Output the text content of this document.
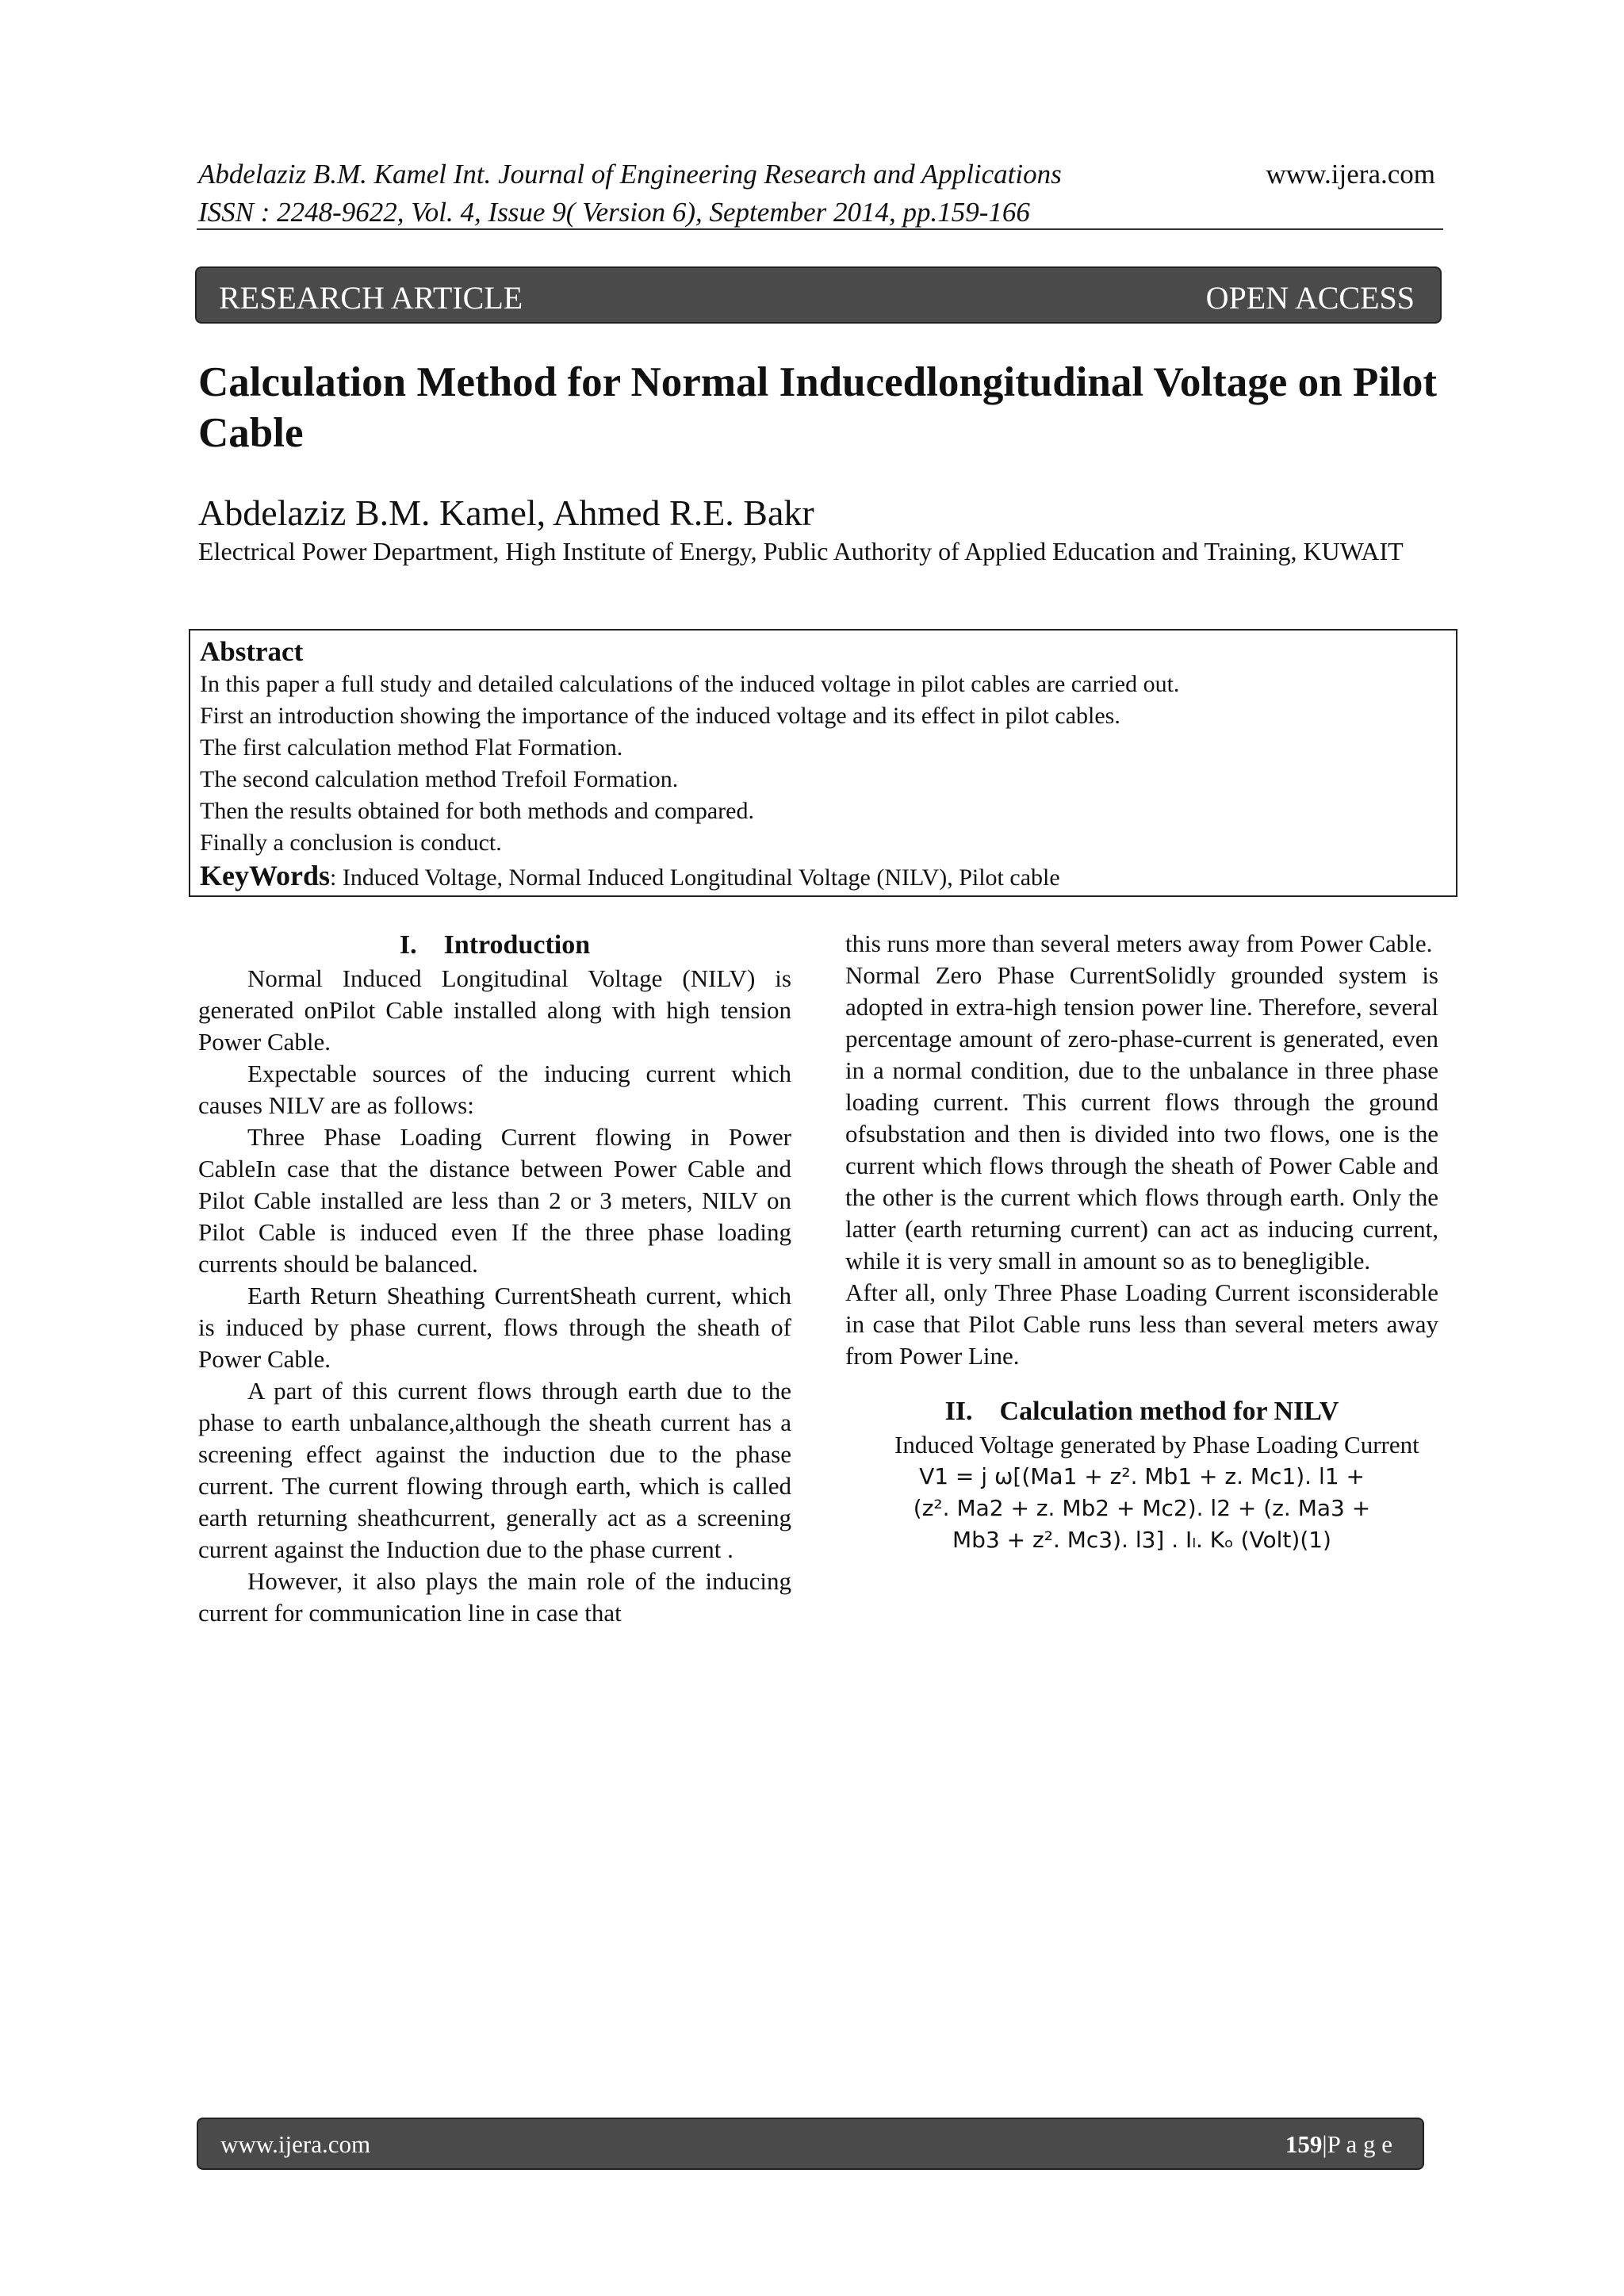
Abdelaziz B.M. Kamel Int. Journal of Engineering Research and Applications
ISSN : 2248-9622, Vol. 4, Issue 9( Version 6), September 2014, pp.159-166
www.ijera.com
RESEARCH ARTICLE	OPEN ACCESS
Calculation Method for Normal Inducedlongitudinal Voltage on Pilot Cable
Abdelaziz B.M. Kamel, Ahmed R.E. Bakr
Electrical Power Department, High Institute of Energy, Public Authority of Applied Education and Training, KUWAIT
Abstract
In this paper a full study and detailed calculations of the induced voltage in pilot cables are carried out.
First an introduction showing the importance of the induced voltage and its effect in pilot cables.
The first calculation method Flat Formation.
The second calculation method Trefoil Formation.
Then the results obtained for both methods and compared.
Finally a conclusion is conduct.
KeyWords: Induced Voltage, Normal Induced Longitudinal Voltage (NILV), Pilot cable

I. Introduction

Normal Induced Longitudinal Voltage (NILV) is generated onPilot Cable installed along with high tension Power Cable.

Expectable sources of the inducing current which causes NILV are as follows:

Three Phase Loading Current flowing in Power CableIn case that the distance between Power Cable and Pilot Cable installed are less than 2 or 3 meters, NILV on Pilot Cable is induced even If the three phase loading currents should be balanced.

Earth Return Sheathing CurrentSheath current, which is induced by phase current, flows through the sheath of Power Cable.

A part of this current flows through earth due to the phase to earth unbalance,although the sheath current has a screening effect against the induction due to the phase current. The current flowing through earth, which is called earth returning sheathcurrent, generally act as a screening current against the Induction due to the phase current .

However, it also plays the main role of the inducing current for communication line in case that

this runs more than several meters away from Power Cable.

Normal Zero Phase CurrentSolidly grounded system is adopted in extra-high tension power line. Therefore, several percentage amount of zero-phase-current is generated, even in a normal condition, due to the unbalance in three phase loading current. This current flows through the ground ofsubstation and then is divided into two flows, one is the current which flows through the sheath of Power Cable and the other is the current which flows through earth. Only the latter (earth returning current) can act as inducing current, while it is very small in amount so as to benegligible.

After all, only Three Phase Loading Current isconsiderable in case that Pilot Cable runs less than several meters away from Power Line.

II. Calculation method for NILV

Induced Voltage generated by Phase Loading Current

V1 = j ω[(Ma1 + z². Mb1 + z. Mc1). l1 +
(z². Ma2 + z. Mb2 + Mc2). l2 + (z. Ma3 +
Mb3 + z². Mc3). l3] . Iₗ. Kₒ (Volt)(1)
www.ijera.com	159|P a g e
